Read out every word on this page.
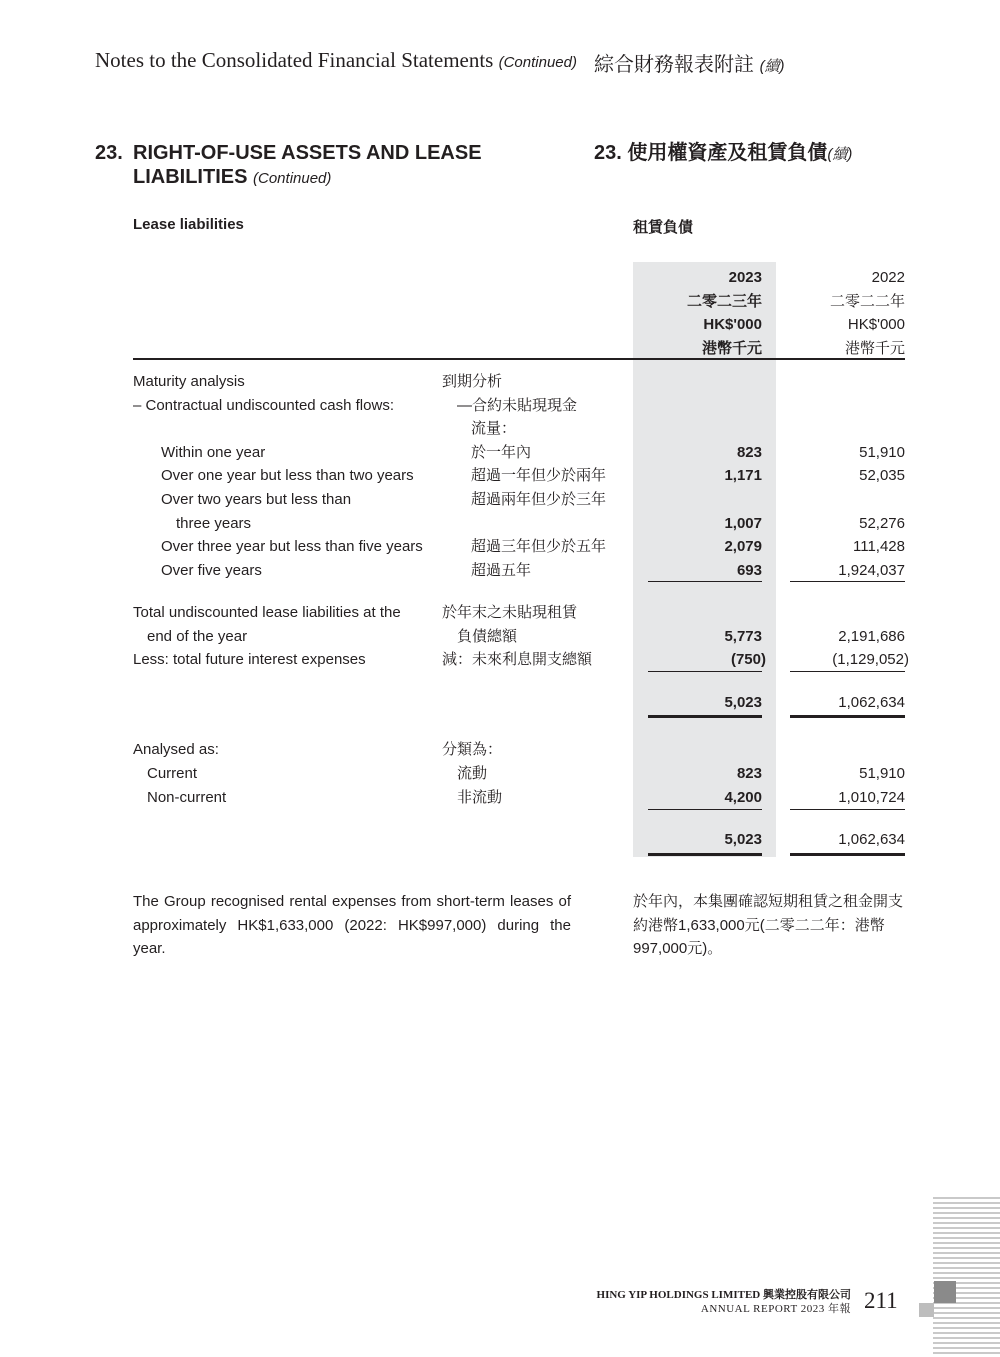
Notes to the Consolidated Financial Statements (Continued) 綜合財務報表附註 (續)
23. RIGHT-OF-USE ASSETS AND LEASE
LIABILITIES (Continued)
23. 使用權資產及租賃負債(續)
Lease liabilities	租賃負債
2023
二零二三年
HK$'000
港幣千元
2022
二零二二年
HK$'000
港幣千元
Maturity analysis	到期分析
– Contractual undiscounted cash flows:	—合約未貼現現金
流量：
Within one year	於一年內	823	51,910
Over one year but less than two years	超過一年但少於兩年	1,171	52,035
Over two years but less than	超過兩年但少於三年
three years	1,007	52,276
Over three year but less than five years	超過三年但少於五年	2,079	111,428
Over five years	超過五年	693	1,924,037
Total undiscounted lease liabilities at the	於年末之未貼現租賃
end of the year	負債總額	5,773	2,191,686
Less: total future interest expenses	減：未來利息開支總額	(750)	(1,129,052)
5,023	1,062,634
Analysed as:	分類為：
Current	流動	823	51,910
Non-current	非流動	4,200	1,010,724
5,023	1,062,634
The Group recognised rental expenses from short-term leases of approximately HK$1,633,000 (2022: HK$997,000) during the year.
於年內，本集團確認短期租賃之租金開支約港幣1,633,000元(二零二二年：港幣997,000元)。
HING YIP HOLDINGS LIMITED 興業控股有限公司
ANNUAL REPORT 2023 年報 211
